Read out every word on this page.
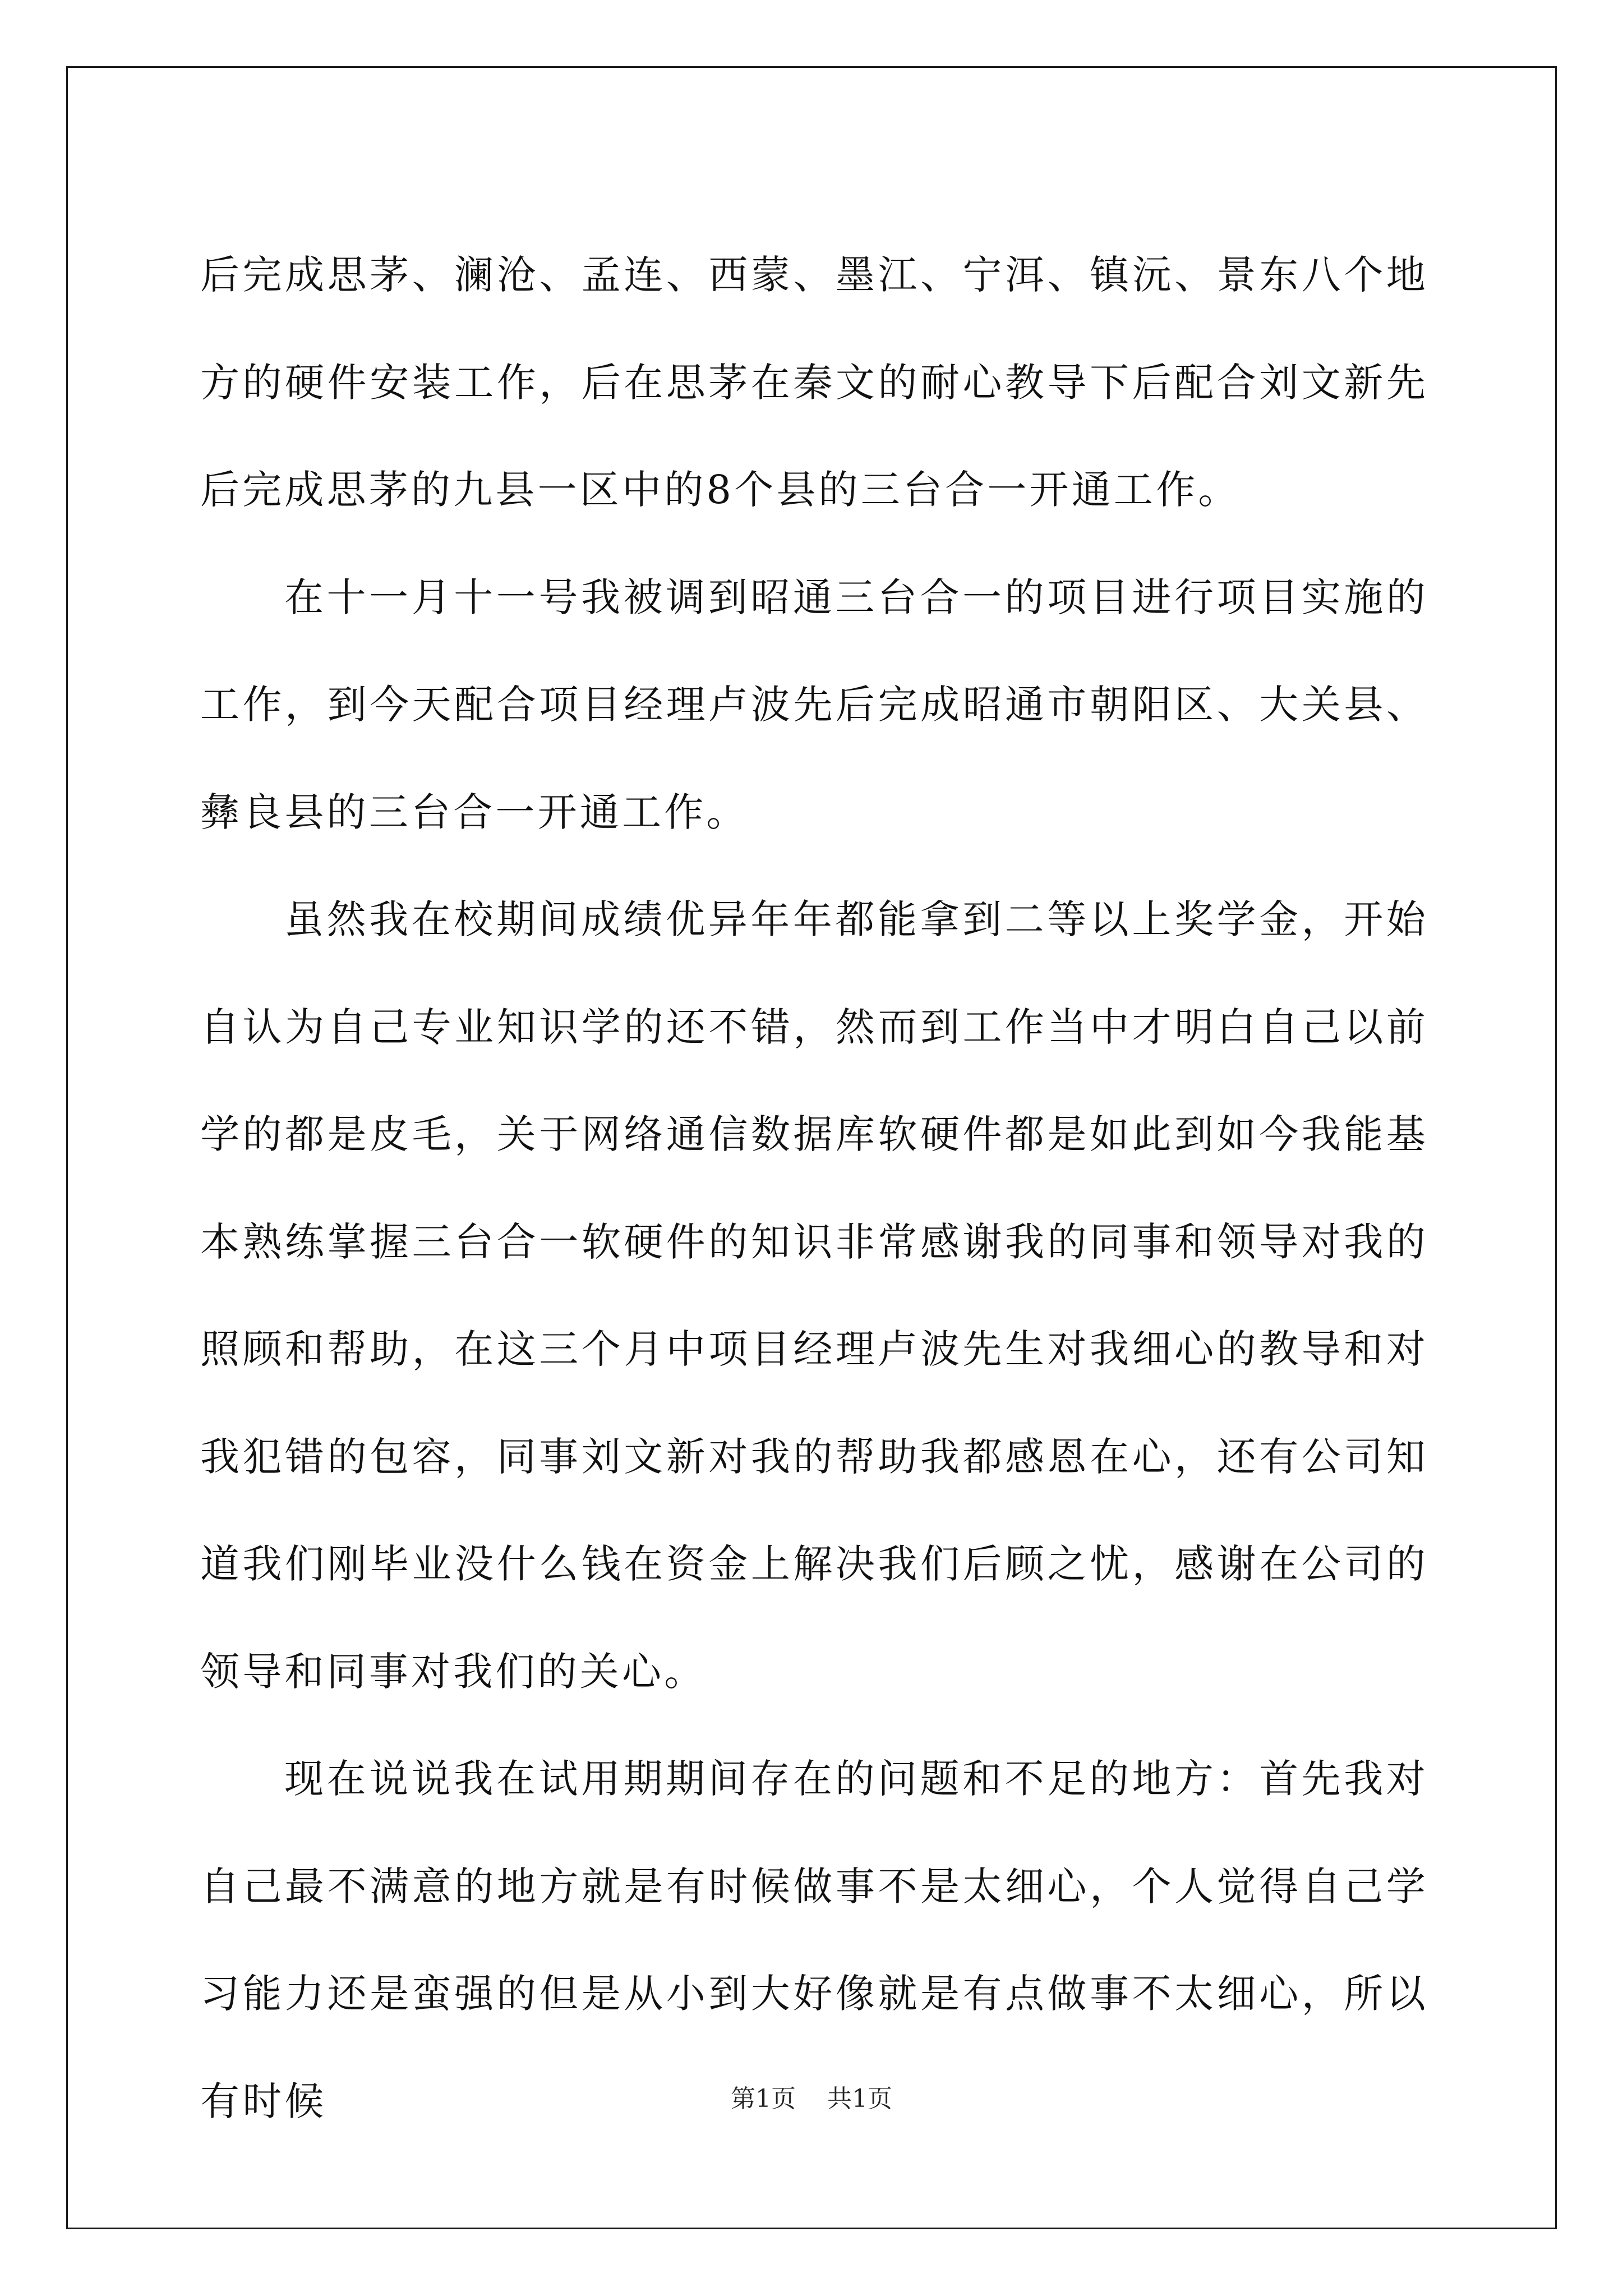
后完成思茅、澜沧、孟连、西蒙、墨江、宁洱、镇沅、景东八个地方的硬件安装工作，后在思茅在秦文的耐心教导下后配合刘文新先后完成思茅的九县一区中的8个县的三台合一开通工作。

在十一月十一号我被调到昭通三台合一的项目进行项目实施的工作，到今天配合项目经理卢波先后完成昭通市朝阳区、大关县、彝良县的三台合一开通工作。

虽然我在校期间成绩优异年年都能拿到二等以上奖学金，开始自认为自己专业知识学的还不错，然而到工作当中才明白自己以前学的都是皮毛，关于网络通信数据库软硬件都是如此到如今我能基本熟练掌握三台合一软硬件的知识非常感谢我的同事和领导对我的照顾和帮助，在这三个月中项目经理卢波先生对我细心的教导和对我犯错的包容，同事刘文新对我的帮助我都感恩在心，还有公司知道我们刚毕业没什么钱在资金上解决我们后顾之忧，感谢在公司的领导和同事对我们的关心。

现在说说我在试用期期间存在的问题和不足的地方：首先我对自己最不满意的地方就是有时候做事不是太细心，个人觉得自己学习能力还是蛮强的但是从小到大好像就是有点做事不太细心，所以有时候	第1页    共1页
